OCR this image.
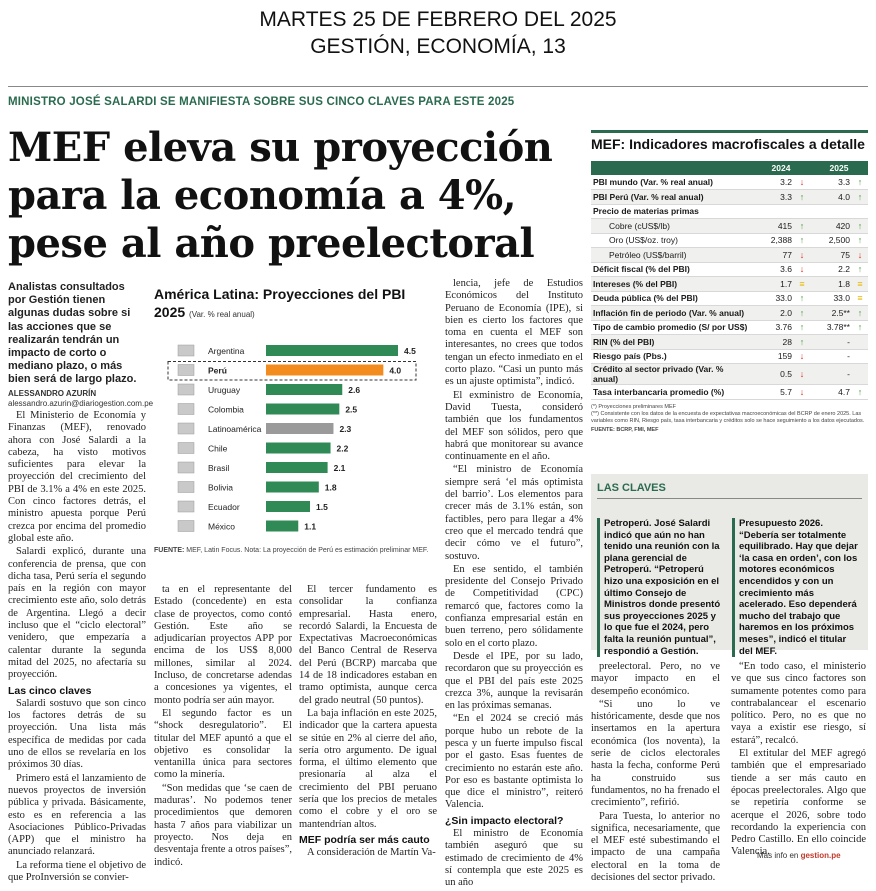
MARTES 25 DE FEBRERO DEL 2025
GESTIÓN, ECONOMÍA, 13
MINISTRO JOSÉ SALARDI SE MANIFIESTA SOBRE SUS CINCO CLAVES PARA ESTE 2025
MEF eleva su proyección para la economía a 4%, pese al año preelectoral
Analistas consultados por Gestión tienen algunas dudas sobre si las acciones que se realizarán tendrán un impacto de corto o mediano plazo, o más bien será de largo plazo.
ALESSANDRO AZURÍN
alessandro.azurin@diariogestion.com.pe

El Ministerio de Economía y Finanzas (MEF), renovado ahora con José Salardi a la cabeza, ha visto motivos suficientes para elevar la proyección del crecimiento del PBI de 3.1% a 4% en este 2025. Con cinco factores detrás, el ministro apuesta porque Perú crezca por encima del promedio global este año.

Salardi explicó, durante una conferencia de prensa, que con dicha tasa, Perú sería el segundo país en la región con mayor crecimiento este año, solo detrás de Argentina. Llegó a decir incluso que el “ciclo electoral” venidero, que empezaría a calentar durante la segunda mitad del 2025, no afectaría su proyección.

Las cinco claves

Salardi sostuvo que son cinco los factores detrás de su proyección. Una lista más específica de medidas por cada uno de ellos se revelaría en los próximos 30 días.

Primero está el lanzamiento de nuevos proyectos de inversión pública y privada. Básicamente, esto es en referencia a las Asociaciones Público-Privadas (APP) que el ministro ha anunciado relanzará.

La reforma tiene el objetivo de que ProInversión se convier-

América Latina: Proyecciones del PBI 2025 (Var. % real anual)
Argentina	4.5
Perú	4.0
Uruguay	2.6
Colombia	2.5
Latinoamérica	2.3
Chile	2.2
Brasil	2.1
Bolivia	1.8
Ecuador	1.5
México	1.1
FUENTE: MEF, Latin Focus. Nota: La proyección de Perú es estimación preliminar MEF.

ta en el representante del Estado (concedente) en esta clase de proyectos, como contó Gestión. Este año se adjudicarían proyectos APP por encima de los US$ 8,000 millones, similar al 2024. Incluso, de concretarse adendas a concesiones ya vigentes, el monto podría ser aún mayor.

El segundo factor es un “shock desregulatorio”. El titular del MEF apuntó a que el objetivo es consolidar la ventanilla única para sectores como la minería.

“Son medidas que ‘se caen de maduras’. No podemos tener procedimientos que demoren hasta 7 años para viabilizar un proyecto. Nos deja en desventaja frente a otros países”, indicó.

El tercer fundamento es consolidar la confianza empresarial. Hasta enero, recordó Salardi, la Encuesta de Expectativas Macroeconómicas del Banco Central de Reserva del Perú (BCRP) marcaba que 14 de 18 indicadores estaban en tramo optimista, aunque cerca del grado neutral (50 puntos).

La baja inflación en este 2025, indicador que la cartera apuesta se sitúe en 2% al cierre del año, sería otro argumento. De igual forma, el último elemento que presionaría al alza el crecimiento del PBI peruano sería que los precios de metales como el cobre y el oro se mantendrían altos.

MEF podría ser más cauto

A consideración de Martín Va-

lencia, jefe de Estudios Económicos del Instituto Peruano de Economía (IPE), si bien es cierto los factores que toma en cuenta el MEF son interesantes, no crees que todos tengan un efecto inmediato en el corto plazo. “Casi un punto más es un ajuste optimista”, indicó.

El exministro de Economía, David Tuesta, consideró también que los fundamentos del MEF son sólidos, pero que habrá que monitorear su avance continuamente en el año.

“El ministro de Economía siempre será ‘el más optimista del barrio’. Los elementos para crecer más de 3.1% están, son factibles, pero para llegar a 4% creo que el mercado tendrá que decir cómo ve el futuro”, sostuvo.

En ese sentido, el también presidente del Consejo Privado de Competitividad (CPC) remarcó que, factores como la confianza empresarial están en buen terreno, pero sólidamente solo en el corto plazo.

Desde el IPE, por su lado, recordaron que su proyección es que el PBI del país este 2025 crezca 3%, aunque la revisarán en las próximas semanas.

“En el 2024 se creció más porque hubo un rebote de la pesca y un fuerte impulso fiscal por el gasto. Esas fuentes de crecimiento no estarán este año. Por eso es bastante optimista lo que dice el ministro”, reiteró Valencia.

¿Sin impacto electoral?

El ministro de Economía también aseguró que su estimado de crecimiento de 4% sí contempla que este 2025 es un año

MEF: Indicadores macrofiscales a detalle
	2024		2025	
PBI mundo (Var. % real anual)	3.2	↓	3.3	↑
PBI Perú (Var. % real anual)	3.3	↑	4.0	↑
Precio de materias primas				
Cobre (cUS$/lb)	415	↑	420	↑
Oro (US$/oz. troy)	2,388	↑	2,500	↑
Petróleo (US$/barril)	77	↓	75	↓
Déficit fiscal (% del PBI)	3.6	↓	2.2	↑
Intereses (% del PBI)	1.7	≡	1.8	≡
Deuda pública (% del PBI)	33.0	↑	33.0	≡
Inflación fin de periodo (Var. % anual)	2.0	↑	2.5**	↑
Tipo de cambio promedio (S/ por US$)	3.76	↑	3.78**	↑
RIN (% del PBI)	28	↑	-	
Riesgo país (Pbs.)	159	↓	-	
Crédito al sector privado (Var. % anual)	0.5	↓	-	
Tasa interbancaria promedio (%)	5.7	↓	4.7	↑
(*) Proyecciones preliminares MEF
(**) Consistente con los datos de la encuesta de expectativas macroeconómicas del BCRP de enero 2025. Las variables como RIN, Riesgo país, tasa interbancaria y créditos solo se hace seguimiento a los datos ejecutados.
FUENTE: BCRP, FMI, MEF
LAS CLAVES
Petroperú. José Salardi indicó que aún no han tenido una reunión con la plana gerencial de Petroperú. “Petroperú hizo una exposición en el último Consejo de Ministros donde presentó sus proyecciones 2025 y lo que fue el 2024, pero falta la reunión puntual”, respondió a Gestión.
Presupuesto 2026. “Debería ser totalmente equilibrado. Hay que dejar ‘la casa en orden’, con los motores económicos encendidos y con un crecimiento más acelerado. Eso dependerá mucho del trabajo que haremos en los próximos meses”, indicó el titular del MEF.

preelectoral. Pero, no ve mayor impacto en el desempeño económico.

“Si uno lo ve históricamente, desde que nos insertamos en la apertura económica (los noventa), la serie de ciclos electorales hasta la fecha, conforme Perú ha construido sus fundamentos, no ha frenado el crecimiento”, refirió.

Para Tuesta, lo anterior no significa, necesariamente, que el MEF esté subestimando el impacto de una campaña electoral en la toma de decisiones del sector privado.

“En todo caso, el ministerio ve que sus cinco factores son sumamente potentes como para contrabalancear el escenario político. Pero, no es que no vaya a existir ese riesgo, sí estará”, recalcó.

El extitular del MEF agregó también que el empresariado tiende a ser más cauto en épocas preelectorales. Algo que se repetiría conforme se acerque el 2026, sobre todo recordando la experiencia con Pedro Castillo. En ello coincide Valencia.

Más info en gestion.pe
